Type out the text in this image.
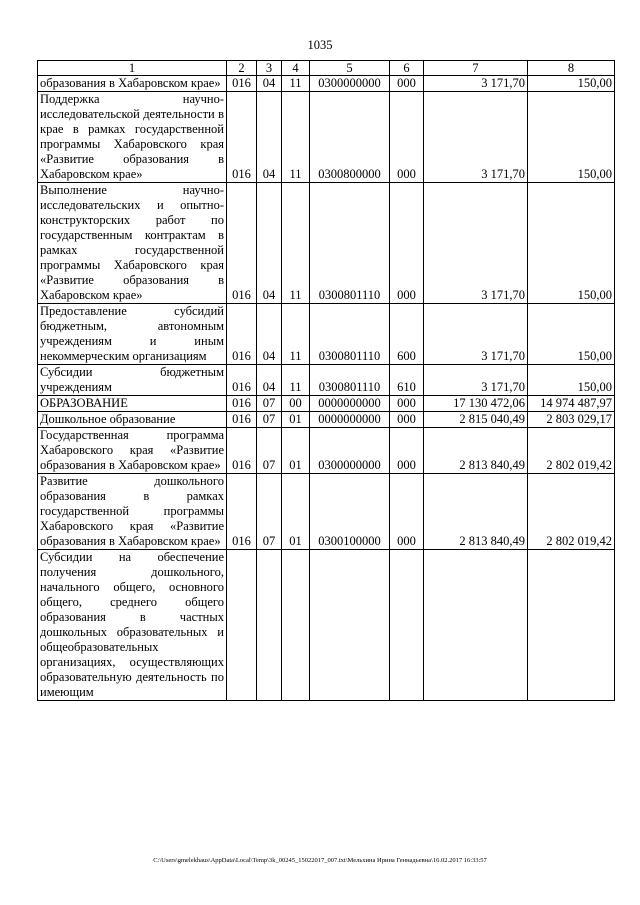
1035
1	2	3	4	5	6	7	8
образования в Хабаровском крае»	016	04	11	0300000000	000	3 171,70	150,00
Поддержка научно-исследовательской деятельности в крае в рамках государственной программы Хабаровского края «Развитие образования в Хабаровском крае»	016	04	11	0300800000	000	3 171,70	150,00
Выполнение научно-исследовательских и опытно-конструкторских работ по государственным контрактам в рамках государственной программы Хабаровского края «Развитие образования в Хабаровском крае»	016	04	11	0300801110	000	3 171,70	150,00
Предоставление субсидий бюджетным, автономным учреждениям и иным некоммерческим организациям	016	04	11	0300801110	600	3 171,70	150,00
Субсидии бюджетным учреждениям	016	04	11	0300801110	610	3 171,70	150,00
ОБРАЗОВАНИЕ	016	07	00	0000000000	000	17 130 472,06	14 974 487,97
Дошкольное образование	016	07	01	0000000000	000	2 815 040,49	2 803 029,17
Государственная программа Хабаровского края «Развитие образования в Хабаровском крае»	016	07	01	0300000000	000	2 813 840,49	2 802 019,42
Развитие дошкольного образования в рамках государственной программы Хабаровского края «Развитие образования в Хабаровском крае»	016	07	01	0300100000	000	2 813 840,49	2 802 019,42
Субсидии на обеспечение получения дошкольного, начального общего, основного общего, среднего общего образования в частных дошкольных образовательных и общеобразовательных организациях, осуществляющих образовательную деятельность по имеющим							
C:\Users\gmelekhaus\AppData\Local\Temp\3k_00245_15022017_007.txt\Мельхина Ирина Геннадьевна\16.02.2017 16:33:57
